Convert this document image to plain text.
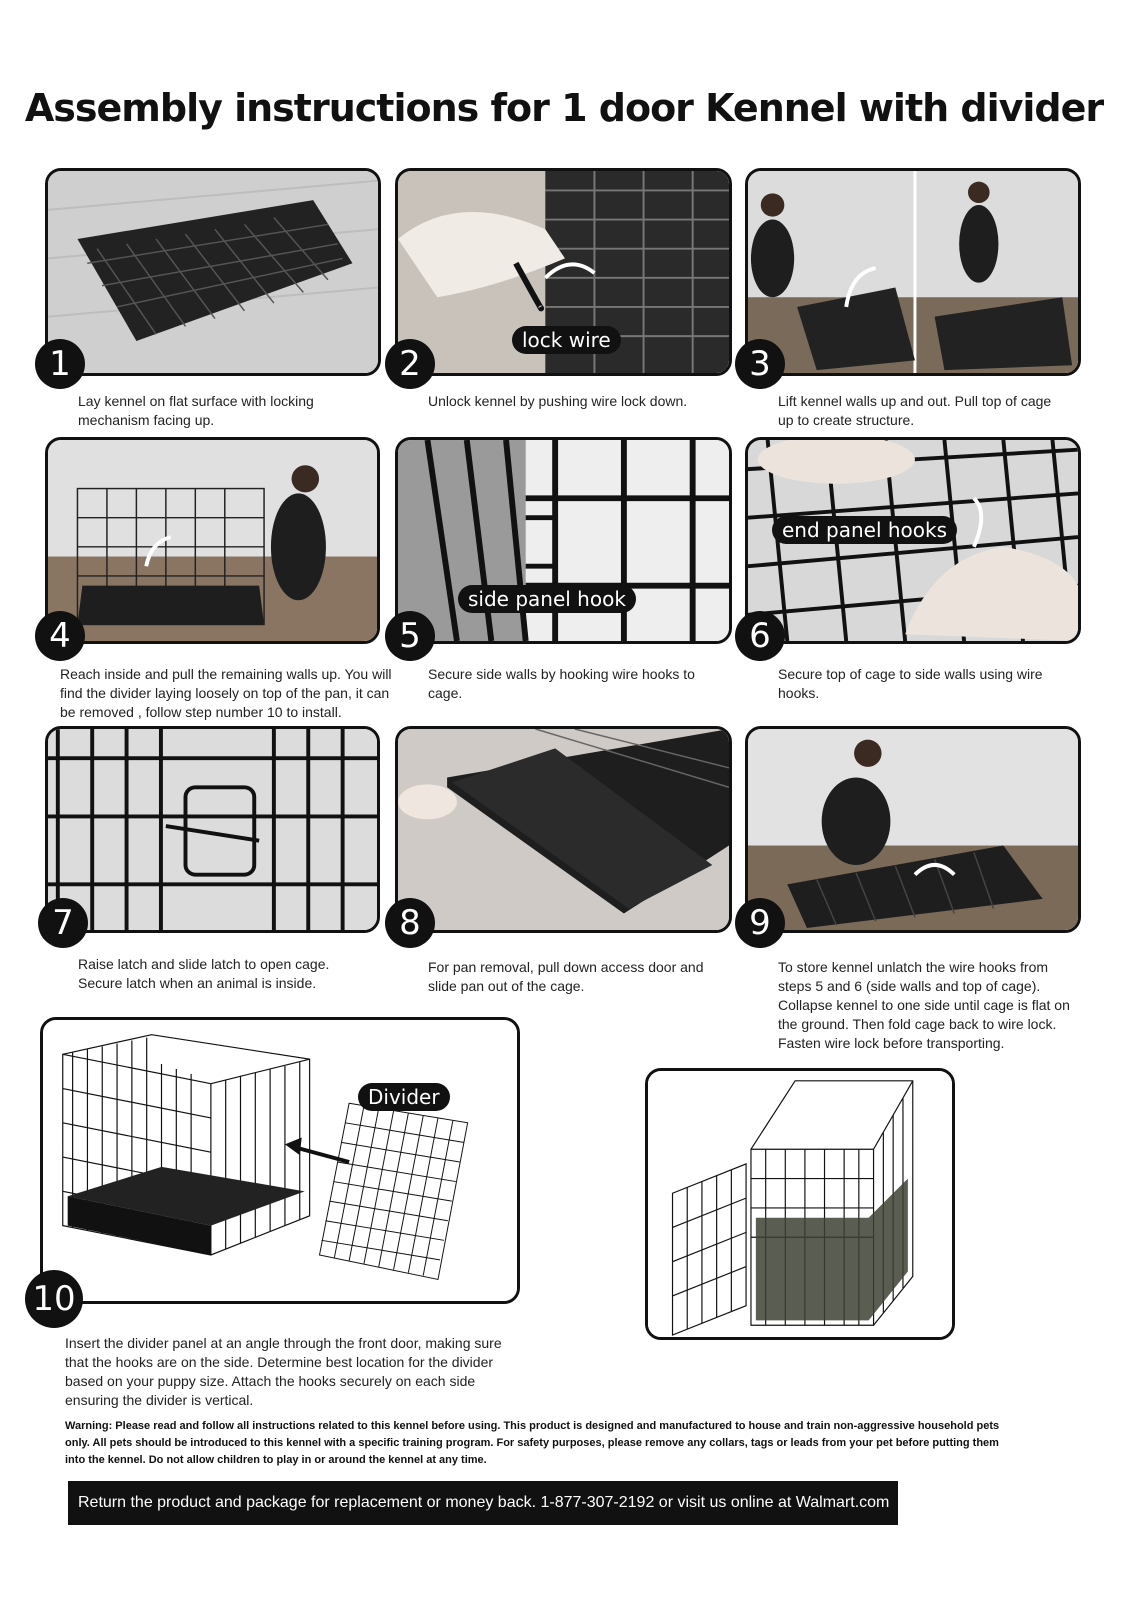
Assembly instructions for 1 door Kennel with divider
1
Lay kennel on flat surface with locking mechanism facing up.
lock wire
2
Unlock kennel by pushing wire lock down.
3
Lift kennel walls up and out. Pull top of cage up to create structure.
4
Reach inside and pull the remaining walls up. You will find the divider laying loosely on top of the pan, it can be removed , follow step number 10 to install.
side panel hook
5
Secure side walls by hooking wire hooks to cage.
end panel hooks
6
Secure top of cage to side walls using wire hooks.
7
Raise latch and slide latch to open cage. Secure latch when an animal is inside.
8
For pan removal, pull down access door and slide pan out of the cage.
9
To store kennel unlatch the wire hooks from steps 5 and 6 (side walls and top of cage). Collapse kennel to one side until cage is flat on the ground. Then fold cage back to wire lock. Fasten wire lock before transporting.
Divider
10
Insert the divider panel at an angle through the front door, making sure that the hooks are on the side. Determine best location for the divider based on your puppy size. Attach the hooks securely on each side ensuring the divider is vertical.
Warning: Please read and follow all instructions related to this kennel before using. This product is designed and manufactured to house and train non-aggressive household pets only. All pets should be introduced to this kennel with a specific training program. For safety purposes, please remove any collars, tags or leads from your pet before putting them into the kennel. Do not allow children to play in or around the kennel at any time.
Return the product and package for replacement or money back. 1-877-307-2192 or visit us online at Walmart.com
